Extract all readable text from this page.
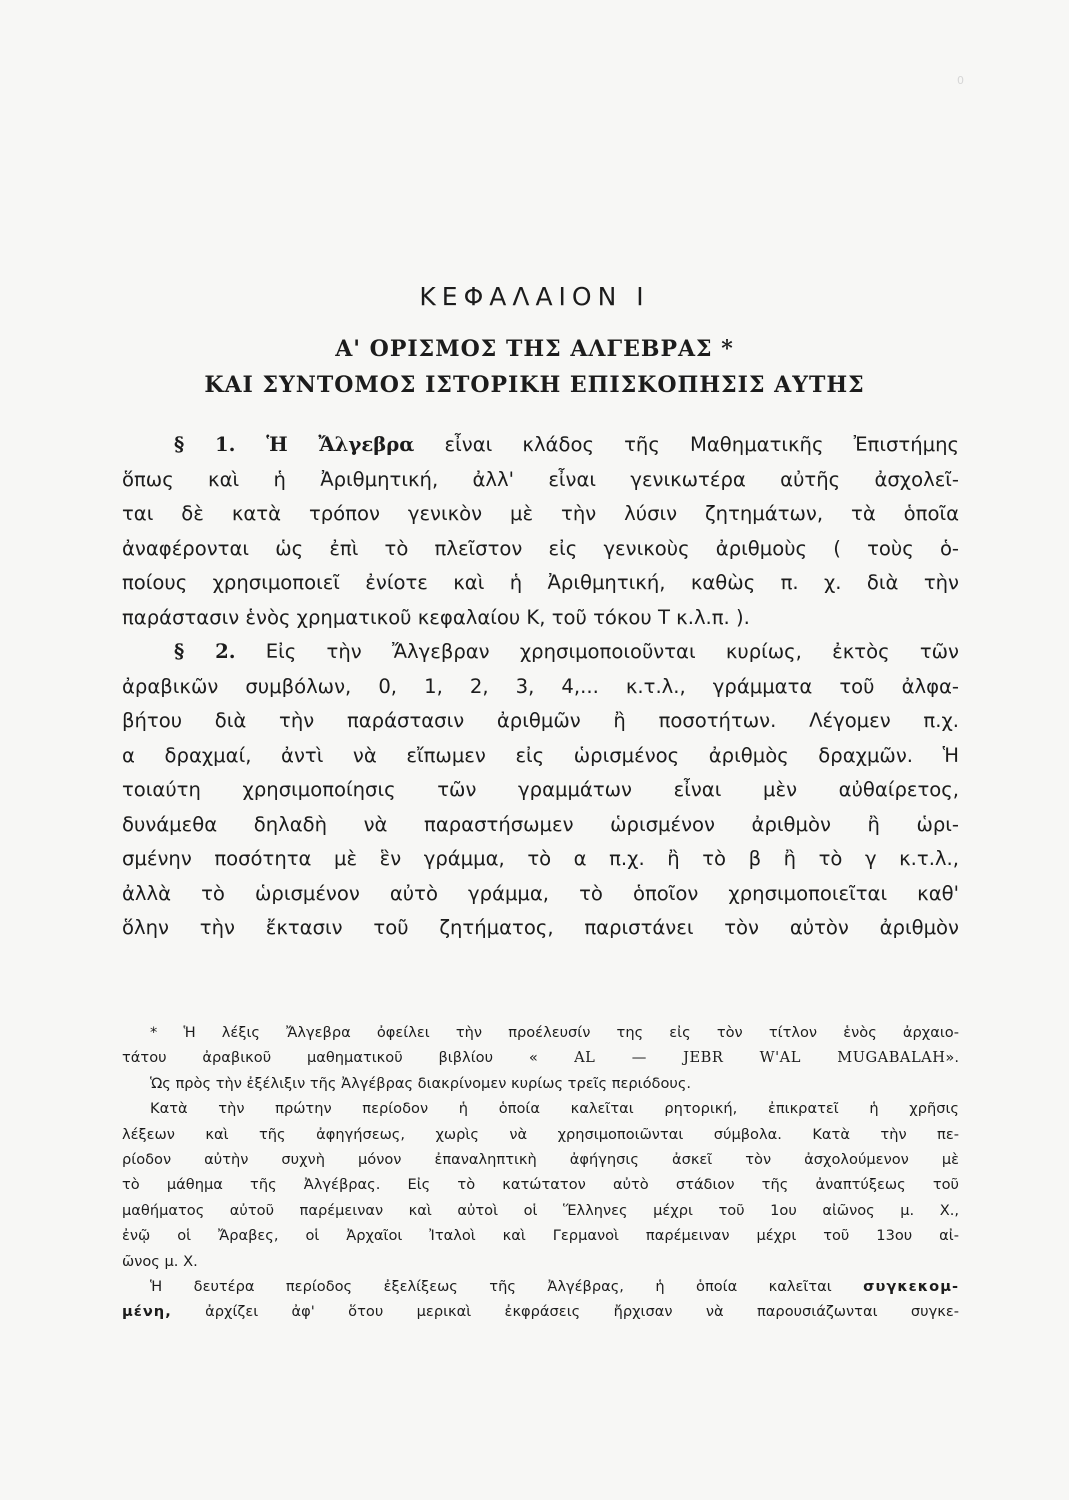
0
ΚΕΦΑΛΑΙΟΝ Ι
Α' ΟΡΙΣΜΟΣ ΤΗΣ ΑΛΓΕΒΡΑΣ *
ΚΑΙ ΣΥΝΤΟΜΟΣ ΙΣΤΟΡΙΚΗ ΕΠΙΣΚΟΠΗΣΙΣ ΑΥΤΗΣ

§ 1. Ἡ Ἄλγεβρα εἶναι κλάδος τῆς Μαθηματικῆς Ἐπιστήμης

ὅπως καὶ ἡ Ἀριθμητική, ἀλλ' εἶναι γενικωτέρα αὐτῆς ἀσχολεῖ-

ται δὲ κατὰ τρόπον γενικὸν μὲ τὴν λύσιν ζητημάτων, τὰ ὁποῖα

ἀναφέρονται ὡς ἐπὶ τὸ πλεῖστον εἰς γενικοὺς ἀριθμοὺς ( τοὺς ὁ-

ποίους χρησιμοποιεῖ ἐνίοτε καὶ ἡ Ἀριθμητική, καθὼς π. χ. διὰ τὴν

παράστασιν ἑνὸς χρηματικοῦ κεφαλαίου Κ, τοῦ τόκου Τ κ.λ.π. ).

§ 2. Εἰς τὴν Ἄλγεβραν χρησιμοποιοῦνται κυρίως, ἐκτὸς τῶν

ἀραβικῶν συμβόλων, 0, 1, 2, 3, 4,... κ.τ.λ., γράμματα τοῦ ἀλφα-

βήτου διὰ τὴν παράστασιν ἀριθμῶν ἢ ποσοτήτων. Λέγομεν π.χ.

α δραχμαί, ἀντὶ νὰ εἴπωμεν εἰς ὡρισμένος ἀριθμὸς δραχμῶν. Ἡ

τοιαύτη χρησιμοποίησις τῶν γραμμάτων εἶναι μὲν αὐθαίρετος,

δυνάμεθα δηλαδὴ νὰ παραστήσωμεν ὡρισμένον ἀριθμὸν ἢ ὡρι-

σμένην ποσότητα μὲ ἓν γράμμα, τὸ α π.χ. ἢ τὸ β ἢ τὸ γ κ.τ.λ.,

ἀλλὰ τὸ ὡρισμένον αὐτὸ γράμμα, τὸ ὁποῖον χρησιμοποιεῖται καθ'

ὅλην τὴν ἔκτασιν τοῦ ζητήματος, παριστάνει τὸν αὐτὸν ἀριθμὸν

* Ἡ λέξις Ἄλγεβρα ὀφείλει τὴν προέλευσίν της εἰς τὸν τίτλον ἑνὸς ἀρχαιο-

τάτου ἀραβικοῦ μαθηματικοῦ βιβλίου « AL — JEBR W'AL MUGABALAH».

Ὡς πρὸς τὴν ἐξέλιξιν τῆς Ἀλγέβρας διακρίνομεν κυρίως τρεῖς περιόδους.

Κατὰ τὴν πρώτην περίοδον ἡ ὁποία καλεῖται ρητορική, ἐπικρατεῖ ἡ χρῆσις

λέξεων καὶ τῆς ἀφηγήσεως, χωρὶς νὰ χρησιμοποιῶνται σύμβολα. Κατὰ τὴν πε-

ρίοδον αὐτὴν συχνὴ μόνον ἐπαναληπτικὴ ἀφήγησις ἀσκεῖ τὸν ἀσχολούμενον μὲ

τὸ μάθημα τῆς Ἀλγέβρας. Εἰς τὸ κατώτατον αὐτὸ στάδιον τῆς ἀναπτύξεως τοῦ

μαθήματος αὐτοῦ παρέμειναν καὶ αὐτοὶ οἱ Ἕλληνες μέχρι τοῦ 1ου αἰῶνος μ. Χ.,

ἐνῷ οἱ Ἄραβες, οἱ Ἀρχαῖοι Ἰταλοὶ καὶ Γερμανοὶ παρέμειναν μέχρι τοῦ 13ου αἰ-

ῶνος μ. Χ.

Ἡ δευτέρα περίοδος ἐξελίξεως τῆς Ἀλγέβρας, ἡ ὁποία καλεῖται συγκεκομ-

μένη, ἀρχίζει ἀφ' ὅτου μερικαὶ ἐκφράσεις ἤρχισαν νὰ παρουσιάζωνται συγκε-
